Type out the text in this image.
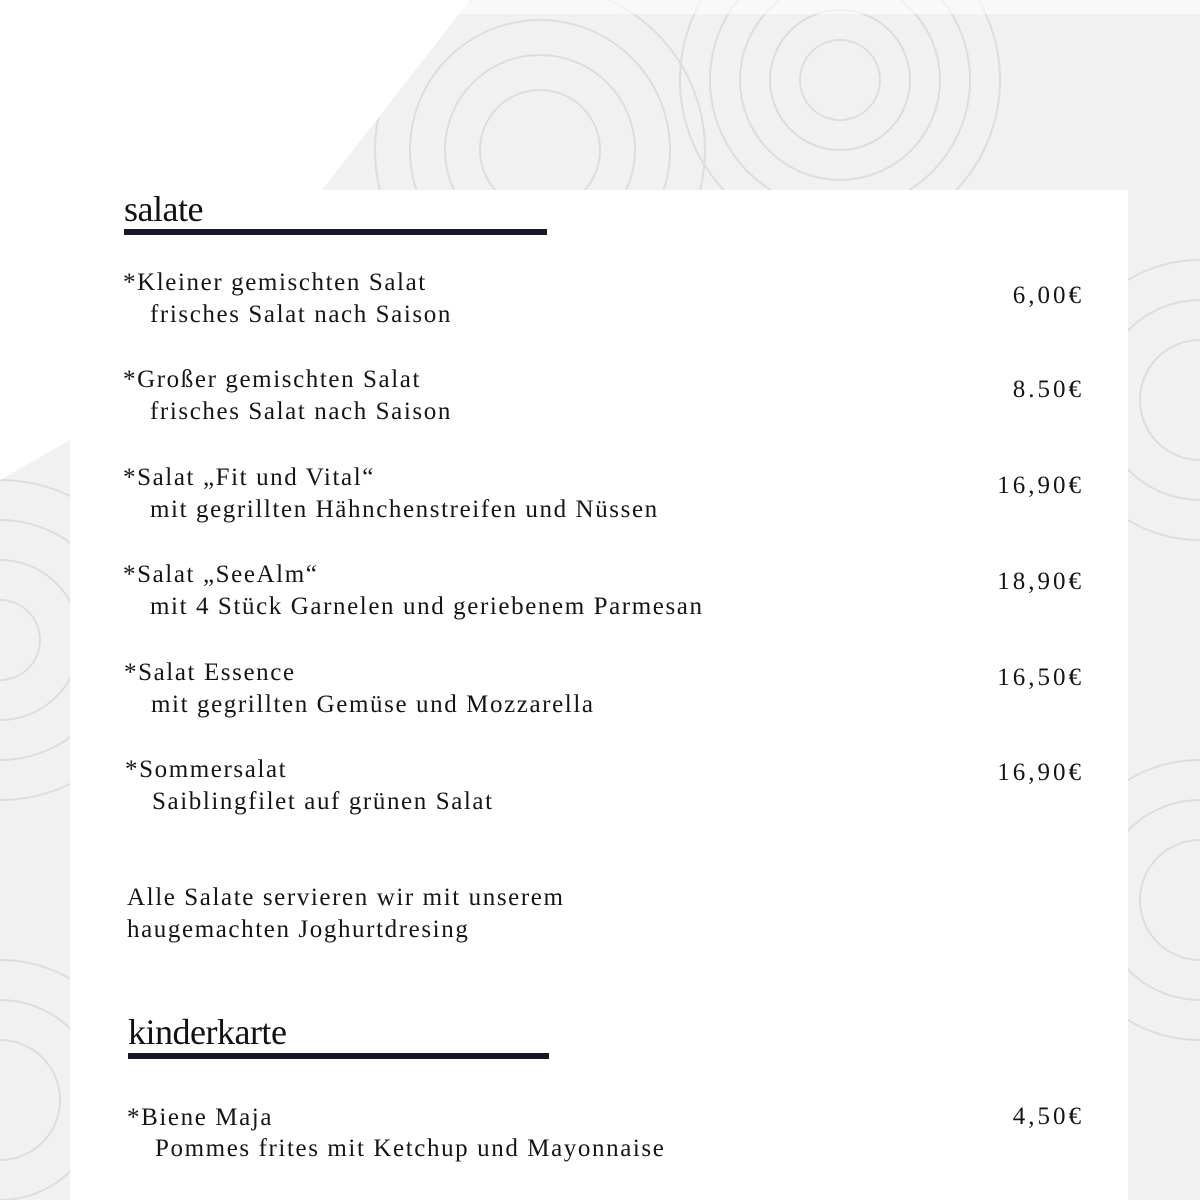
salate
*Kleiner gemischten Salat
frisches Salat nach Saison
6,00€
*Großer gemischten Salat
frisches Salat nach Saison
8.50€
*Salat „Fit und Vital“
mit gegrillten Hähnchenstreifen und Nüssen
16,90€
*Salat „SeeAlm“
mit 4 Stück Garnelen und geriebenem Parmesan
18,90€
*Salat Essence
mit gegrillten Gemüse und Mozzarella
16,50€
*Sommersalat
Saiblingfilet auf grünen Salat
16,90€
Alle Salate servieren wir mit unserem
haugemachten Joghurtdresing
kinderkarte
*Biene Maja
Pommes frites mit Ketchup und Mayonnaise
4,50€
